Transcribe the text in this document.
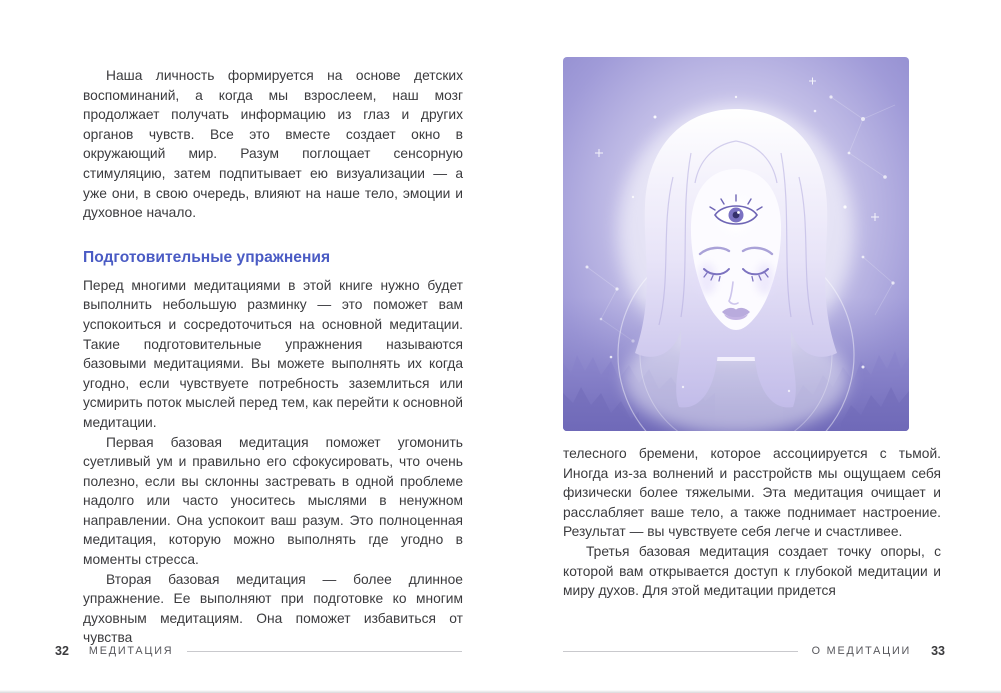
Наша личность формируется на основе детских воспоминаний, а когда мы взрослеем, наш мозг продолжает получать информацию из глаз и других органов чувств. Все это вместе создает окно в окружающий мир. Разум поглощает сенсорную стимуляцию, затем подпитывает ею визуализации — а уже они, в свою очередь, влияют на наше тело, эмоции и духовное начало.

Подготовительные упражнения

Перед многими медитациями в этой книге нужно будет выполнить небольшую разминку — это поможет вам успокоиться и сосредоточиться на основной медитации. Такие подготовительные упражнения называются базовыми медитациями. Вы можете выполнять их когда угодно, если чувствуете потребность заземлиться или усмирить поток мыслей перед тем, как перейти к основной медитации.

Первая базовая медитация поможет угомонить суетливый ум и правильно его сфокусировать, что очень полезно, если вы склонны застревать в одной проблеме надолго или часто уноситесь мыслями в ненужном направлении. Она успокоит ваш разум. Это полноценная медитация, которую можно выполнять где угодно в моменты стресса.

Вторая базовая медитация — более длинное упражнение. Ее выполняют при подготовке ко многим духовным медитациям. Она поможет избавиться от чувства

телесного бремени, которое ассоциируется с тьмой. Иногда из-за волнений и расстройств мы ощущаем себя физически более тяжелыми. Эта медитация очищает и расслабляет ваше тело, а также поднимает настроение. Результат — вы чувствуете себя легче и счастливее.

Третья базовая медитация создает точку опоры, с которой вам открывается доступ к глубокой медитации и миру духов. Для этой медитации придется

32 МЕДИТАЦИЯ	О МЕДИТАЦИИ 33
